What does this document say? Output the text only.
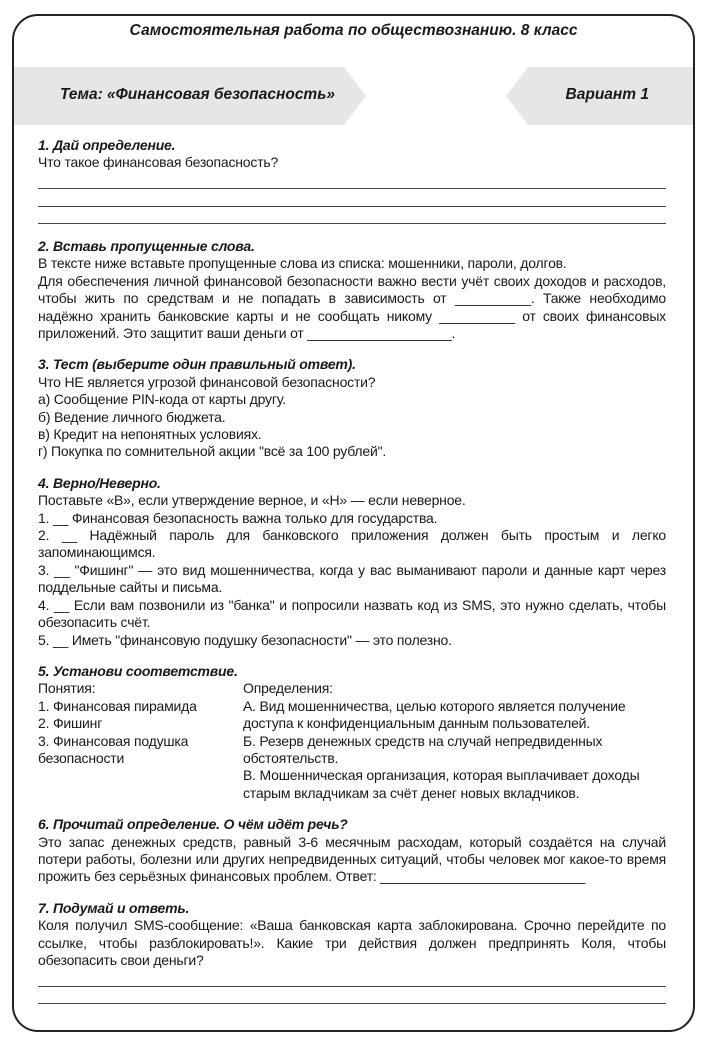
Самостоятельная работа по обществознанию. 8 класс
Тема: «Финансовая безопасность»	Вариант 1
1. Дай определение.
Что такое финансовая безопасность?
2. Вставь пропущенные слова.
В тексте ниже вставьте пропущенные слова из списка: мошенники, пароли, долгов.
Для обеспечения личной финансовой безопасности важно вести учёт своих доходов и расходов, чтобы жить по средствам и не попадать в зависимость от __________. Также необходимо надёжно хранить банковские карты и не сообщать никому __________ от своих финансовых приложений. Это защитит ваши деньги от ___________________.
3. Тест (выберите один правильный ответ).
Что НЕ является угрозой финансовой безопасности?
а) Сообщение PIN-кода от карты другу.
б) Ведение личного бюджета.
в) Кредит на непонятных условиях.
г) Покупка по сомнительной акции "всё за 100 рублей".
4. Верно/Неверно.
Поставьте «В», если утверждение верное, и «Н» — если неверное.
1. __ Финансовая безопасность важна только для государства.
2. __ Надёжный пароль для банковского приложения должен быть простым и легко запоминающимся.
3. __ "Фишинг" — это вид мошенничества, когда у вас выманивают пароли и данные карт через поддельные сайты и письма.
4. __ Если вам позвонили из "банка" и попросили назвать код из SMS, это нужно сделать, чтобы обезопасить счёт.
5. __ Иметь "финансовую подушку безопасности" — это полезно.
5. Установи соответствие.
Понятия:
1. Финансовая пирамида
2. Фишинг
3. Финансовая подушка безопасности
Определения:
А. Вид мошенничества, целью которого является получение доступа к конфиденциальным данным пользователей.
Б. Резерв денежных средств на случай непредвиденных обстоятельств.
В. Мошенническая организация, которая выплачивает доходы старым вкладчикам за счёт денег новых вкладчиков.
6. Прочитай определение. О чём идёт речь?
Это запас денежных средств, равный 3-6 месячным расходам, который создаётся на случай потери работы, болезни или других непредвиденных ситуаций, чтобы человек мог какое-то время прожить без серьёзных финансовых проблем. Ответ: ___________________________
7. Подумай и ответь.
Коля получил SMS-сообщение: «Ваша банковская карта заблокирована. Срочно перейдите по ссылке, чтобы разблокировать!». Какие три действия должен предпринять Коля, чтобы обезопасить свои деньги?
